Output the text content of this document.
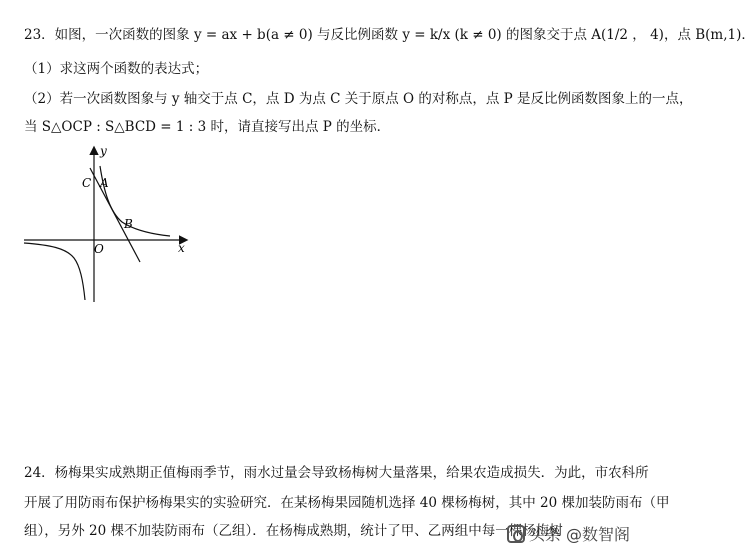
23．如图，一次函数的图象 y = ax + b(a ≠ 0) 与反比例函数 y = k/x (k ≠ 0) 的图象交于点 A(1/2 ， 4)，点 B(m,1)．
（1）求这两个函数的表达式；
（2）若一次函数图象与 y 轴交于点 C，点 D 为点 C 关于原点 O 的对称点，点 P 是反比例函数图象上的一点，
当 S△OCP : S△BCD = 1 : 3 时，请直接写出点 P 的坐标．
y
x
O
C A
B
24．杨梅果实成熟期正值梅雨季节，雨水过量会导致杨梅树大量落果，给果农造成损失．为此，市农科所
开展了用防雨布保护杨梅果实的实验研究．在某杨梅果园随机选择 40 棵杨梅树，其中 20 棵加装防雨布（甲
组），另外 20 棵不加装防雨布（乙组）．在杨梅成熟期，统计了甲、乙两组中每一棵杨梅树
头条 @数智阁
